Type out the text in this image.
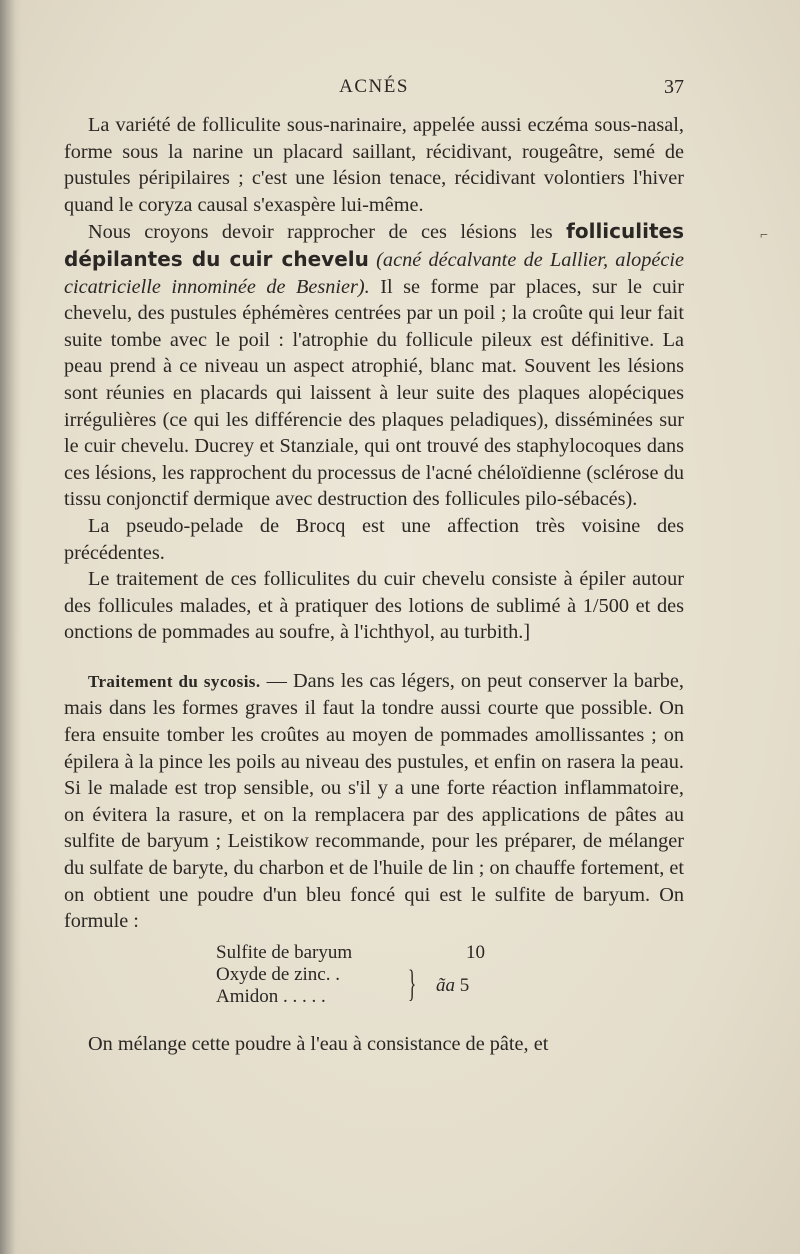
ACNÉS	37

La variété de folliculite sous-narinaire, appelée aussi eczéma sous-nasal, forme sous la narine un placard saillant, récidivant, rougeâtre, semé de pustules péripilaires ; c'est une lésion tenace, récidivant volontiers l'hiver quand le coryza causal s'exaspère lui-même.

Nous croyons devoir rapprocher de ces lésions les folliculites dépilantes du cuir chevelu (acné décalvante de Lallier, alopécie cicatricielle innominée de Besnier). Il se forme par places, sur le cuir chevelu, des pustules éphémères centrées par un poil ; la croûte qui leur fait suite tombe avec le poil : l'atrophie du follicule pileux est définitive. La peau prend à ce niveau un aspect atrophié, blanc mat. Souvent les lésions sont réunies en placards qui laissent à leur suite des plaques alopéciques irrégulières (ce qui les différencie des plaques peladiques), disséminées sur le cuir chevelu. Ducrey et Stanziale, qui ont trouvé des staphylocoques dans ces lésions, les rapprochent du processus de l'acné chéloïdienne (sclérose du tissu conjonctif dermique avec destruction des follicules pilo-sébacés).

La pseudo-pelade de Brocq est une affection très voisine des précédentes.

Le traitement de ces folliculites du cuir chevelu consiste à épiler autour des follicules malades, et à pratiquer des lotions de sublimé à 1/500 et des onctions de pommades au soufre, à l'ichthyol, au turbith.]

Traitement du sycosis. — Dans les cas légers, on peut conserver la barbe, mais dans les formes graves il faut la tondre aussi courte que possible. On fera ensuite tomber les croûtes au moyen de pommades amollissantes ; on épilera à la pince les poils au niveau des pustules, et enfin on rasera la peau. Si le malade est trop sensible, ou s'il y a une forte réaction inflammatoire, on évitera la rasure, et on la remplacera par des applications de pâtes au sulfite de baryum ; Leistikow recommande, pour les préparer, de mélanger du sulfate de baryte, du charbon et de l'huile de lin ; on chauffe fortement, et on obtient une poudre d'un bleu foncé qui est le sulfite de baryum. On formule :

Sulfite de baryum	10
Oxyde de zinc. .
Amidon . . . . . } ãa 5

On mélange cette poudre à l'eau à consistance de pâte, et

⌐
